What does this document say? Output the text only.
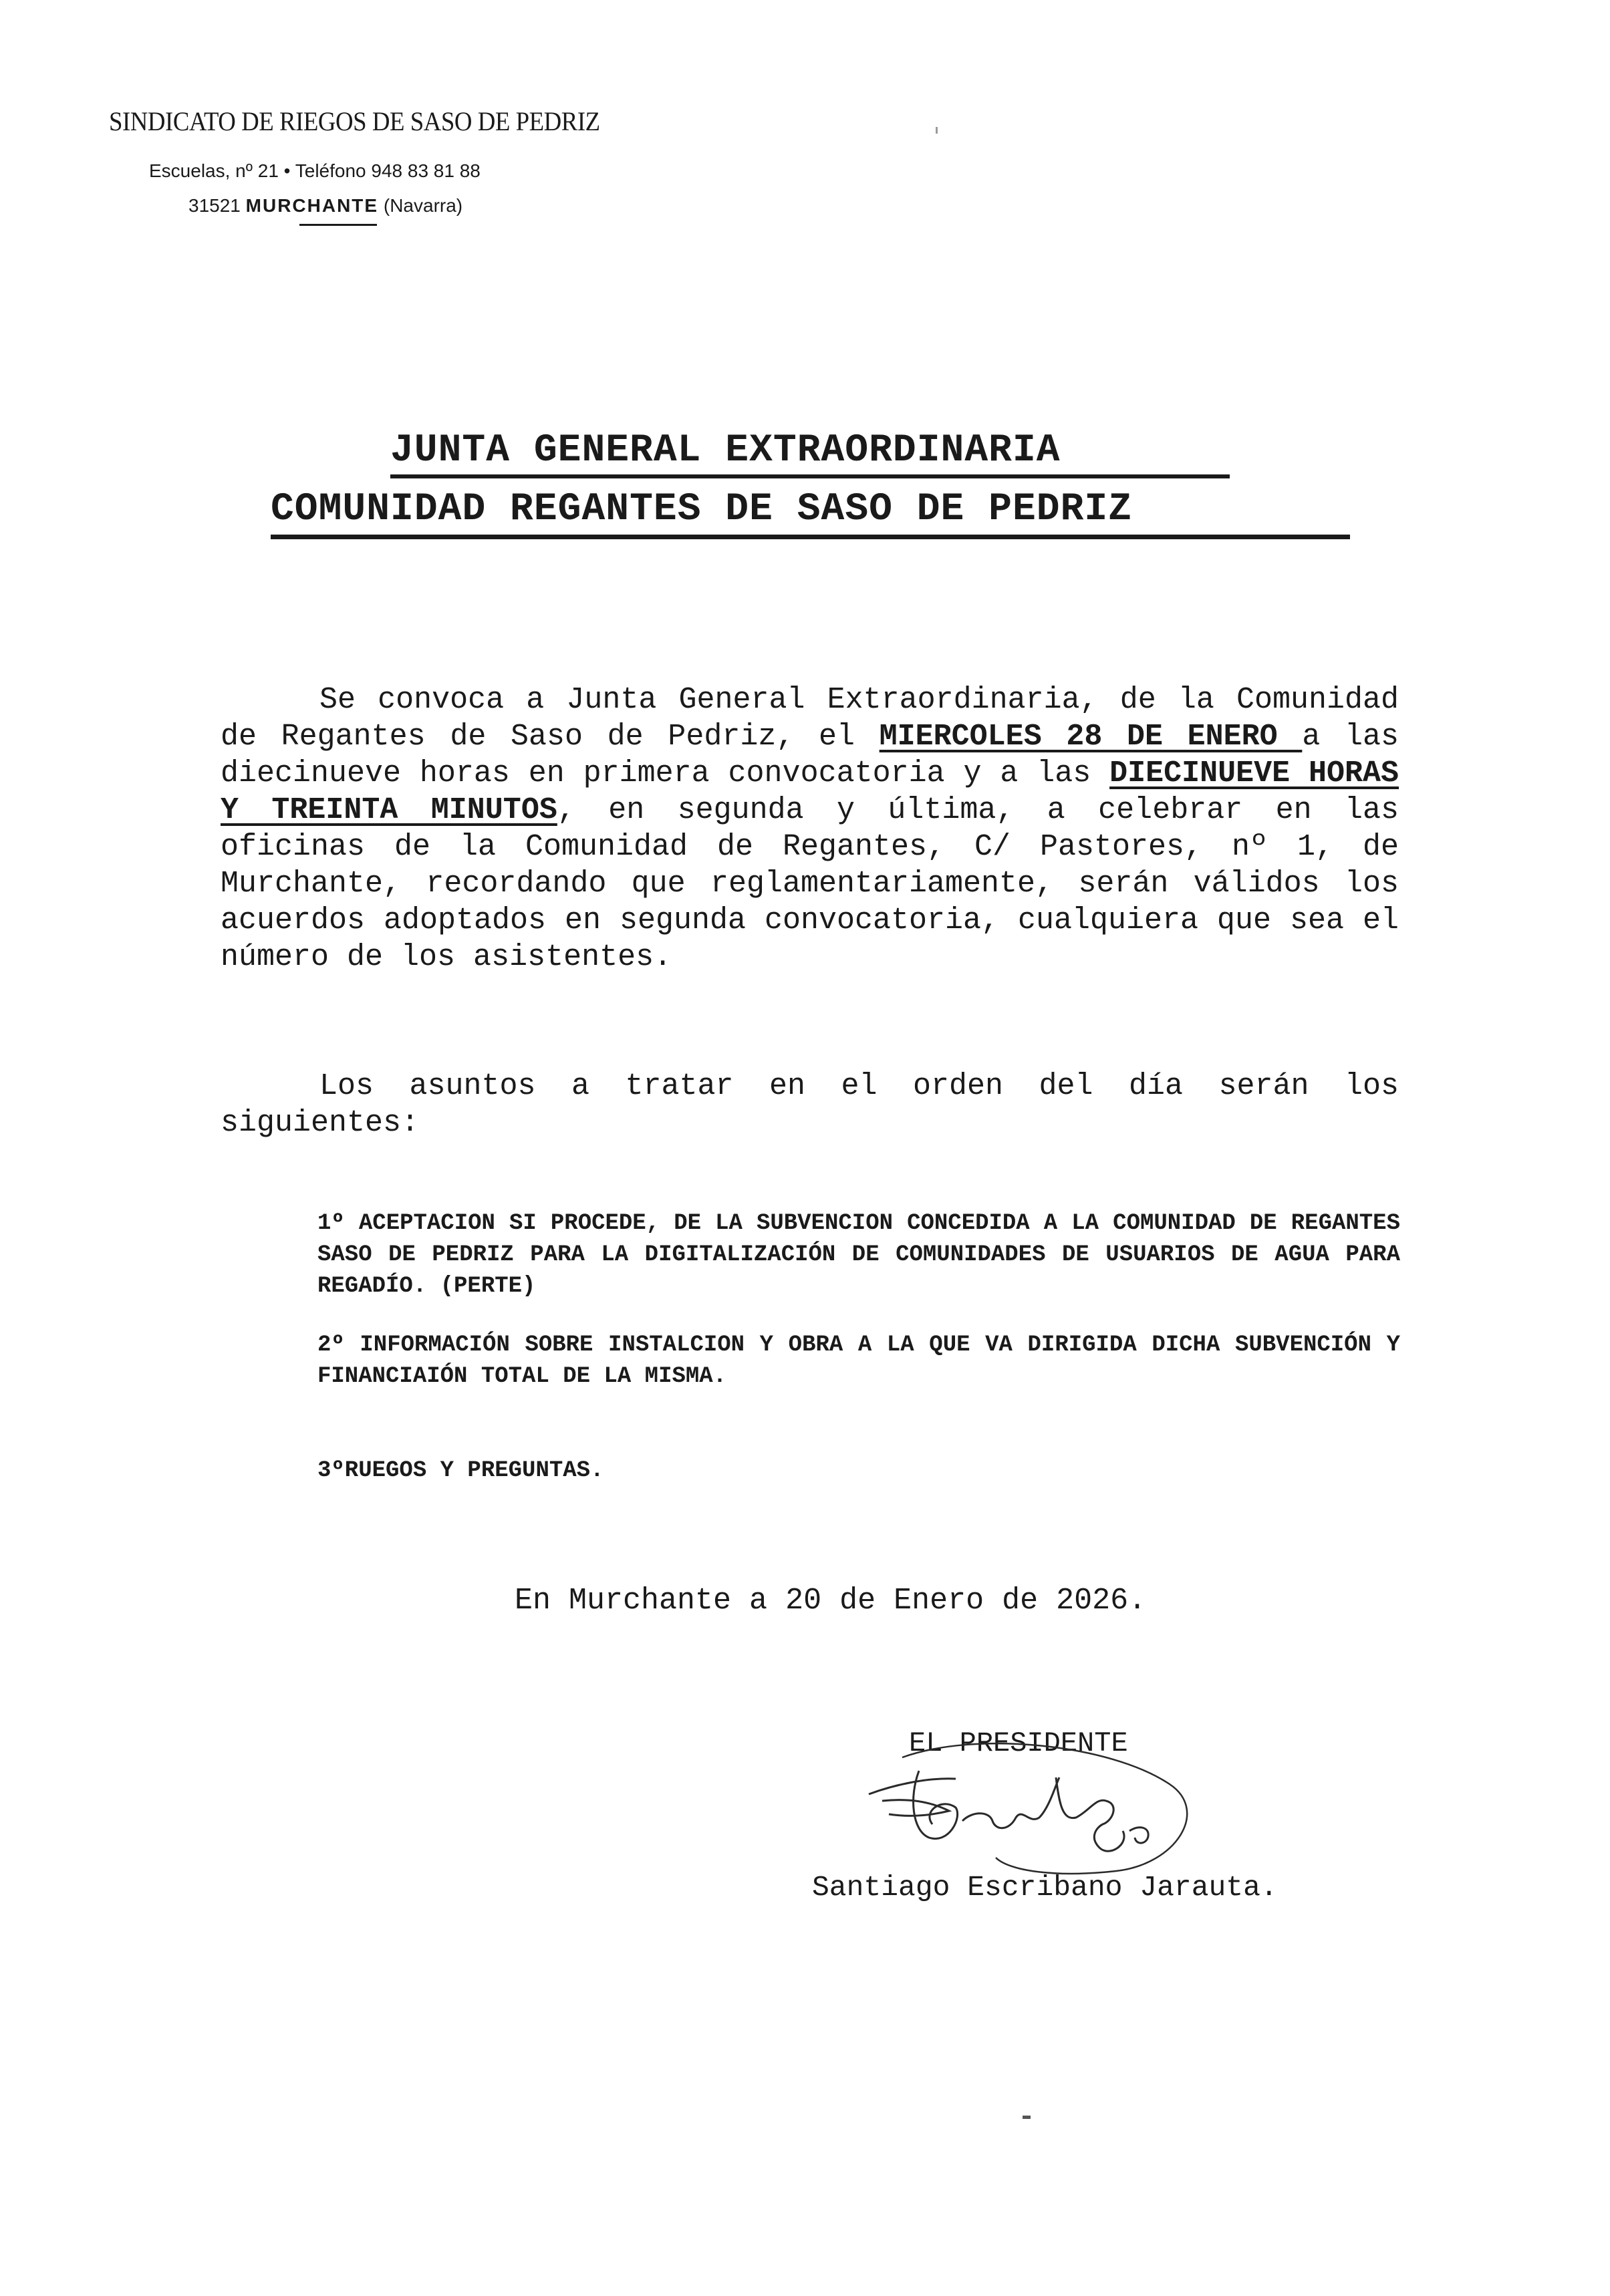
SINDICATO DE RIEGOS DE SASO DE PEDRIZ
Escuelas, nº 21 • Teléfono 948 83 81 88
31521 MURCHANTE (Navarra)
JUNTA GENERAL EXTRAORDINARIA
COMUNIDAD REGANTES DE SASO DE PEDRIZ
Se convoca a Junta General Extraordinaria, de la Comunidad de Regantes de Saso de Pedriz, el MIERCOLES 28 DE ENERO a las diecinueve horas en primera convocatoria y a las DIECINUEVE HORAS Y TREINTA MINUTOS, en segunda y última, a celebrar en las oficinas de la Comunidad de Regantes, C/ Pastores, nº 1, de Murchante, recordando que reglamentariamente, serán válidos los acuerdos adoptados en segunda convocatoria, cualquiera que sea el número de los asistentes.
Los asuntos a tratar en el orden del día serán los siguientes:
1º ACEPTACION SI PROCEDE, DE LA SUBVENCION CONCEDIDA A LA COMUNIDAD DE REGANTES SASO DE PEDRIZ PARA LA DIGITALIZACIÓN DE COMUNIDADES DE USUARIOS DE AGUA PARA REGADÍO. (PERTE)
2º INFORMACIÓN SOBRE INSTALCION Y OBRA A LA QUE VA DIRIGIDA DICHA SUBVENCIÓN Y FINANCIAIÓN TOTAL DE LA MISMA.
3ºRUEGOS Y PREGUNTAS.
En Murchante a 20 de Enero de 2026.
EL PRESIDENTE
Santiago Escribano Jarauta.
